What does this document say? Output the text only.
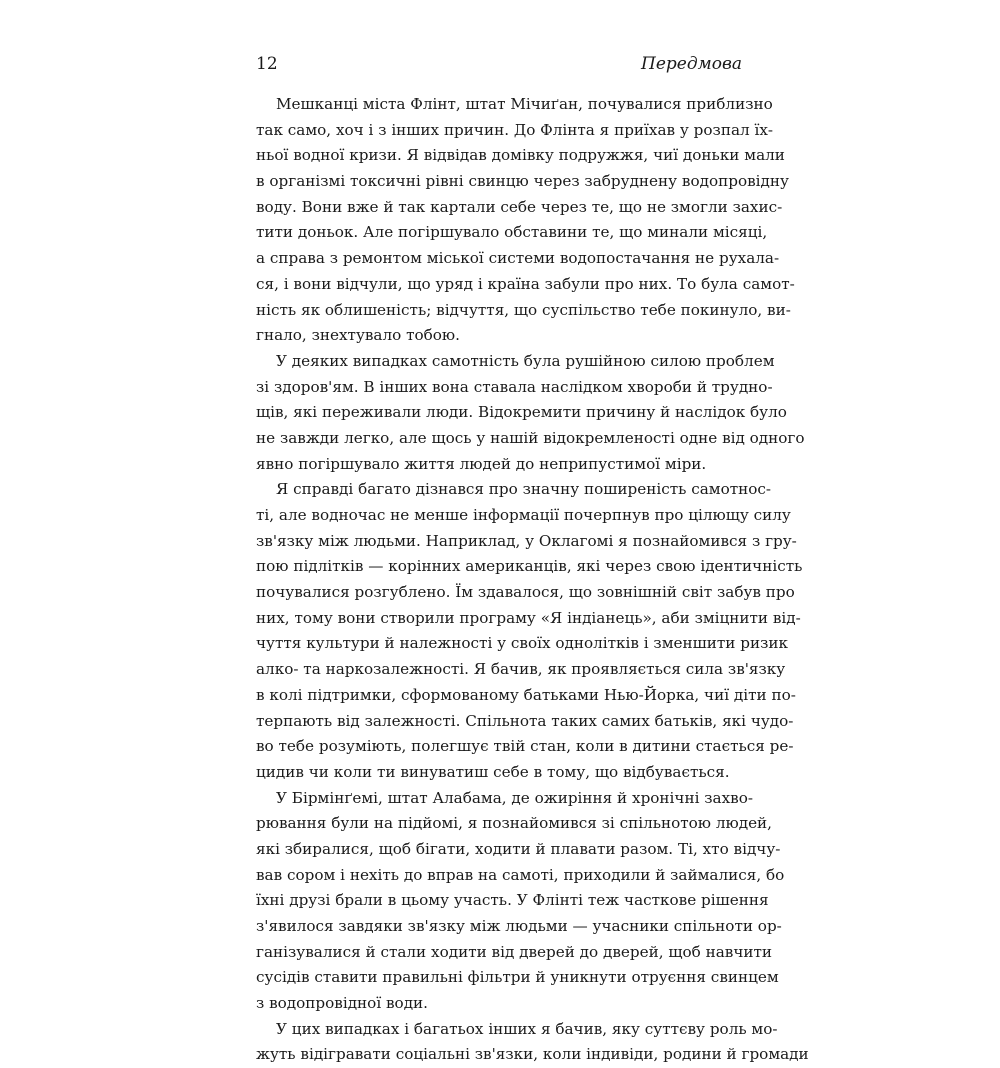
12	Передмова
Мешканці міста Флінт, штат Мічиґан, почувалися приблизно
так само, хоч і з інших причин. До Флінта я приїхав у розпал їх-
ньої водної кризи. Я відвідав домівку подружжя, чиї доньки мали
в організмі токсичні рівні свинцю через забруднену водопровідну
воду. Вони вже й так картали себе через те, що не змогли захис-
тити доньок. Але погіршувало обставини те, що минали місяці,
а справа з ремонтом міської системи водопостачання не рухала-
ся, і вони відчули, що уряд і країна забули про них. То була самот-
ність як облишеність; відчуття, що суспільство тебе покинуло, ви-
гнало, знехтувало тобою.
У деяких випадках самотність була рушійною силою проблем
зі здоров'ям. В інших вона ставала наслідком хвороби й трудно-
щів, які переживали люди. Відокремити причину й наслідок було
не завжди легко, але щось у нашій відокремленості одне від одного
явно погіршувало життя людей до неприпустимої міри.
Я справді багато дізнався про значну поширеність самотнос-
ті, але водночас не менше інформації почерпнув про цілющу силу
зв'язку між людьми. Наприклад, у Оклагомі я познайомився з гру-
пою підлітків — корінних американців, які через свою ідентичність
почувалися розгублено. Їм здавалося, що зовнішній світ забув про
них, тому вони створили програму «Я індіанець», аби зміцнити від-
чуття культури й належності у своїх однолітків і зменшити ризик
алко- та наркозалежності. Я бачив, як проявляється сила зв'язку
в колі підтримки, сформованому батьками Нью-Йорка, чиї діти по-
терпають від залежності. Спільнота таких самих батьків, які чудо-
во тебе розуміють, полегшує твій стан, коли в дитини стається ре-
цидив чи коли ти винуватиш себе в тому, що відбувається.
У Бірмінґемі, штат Алабама, де ожиріння й хронічні захво-
рювання були на підйомі, я познайомився зі спільнотою людей,
які збиралися, щоб бігати, ходити й плавати разом. Ті, хто відчу-
вав сором і нехіть до вправ на самоті, приходили й займалися, бо
їхні друзі брали в цьому участь. У Флінті теж часткове рішення
з'явилося завдяки зв'язку між людьми — учасники спільноти ор-
ганізувалися й стали ходити від дверей до дверей, щоб навчити
сусідів ставити правильні фільтри й уникнути отруєння свинцем
з водопровідної води.
У цих випадках і багатьох інших я бачив, яку суттєву роль мо-
жуть відігравати соціальні зв'язки, коли індивіди, родини й громади
